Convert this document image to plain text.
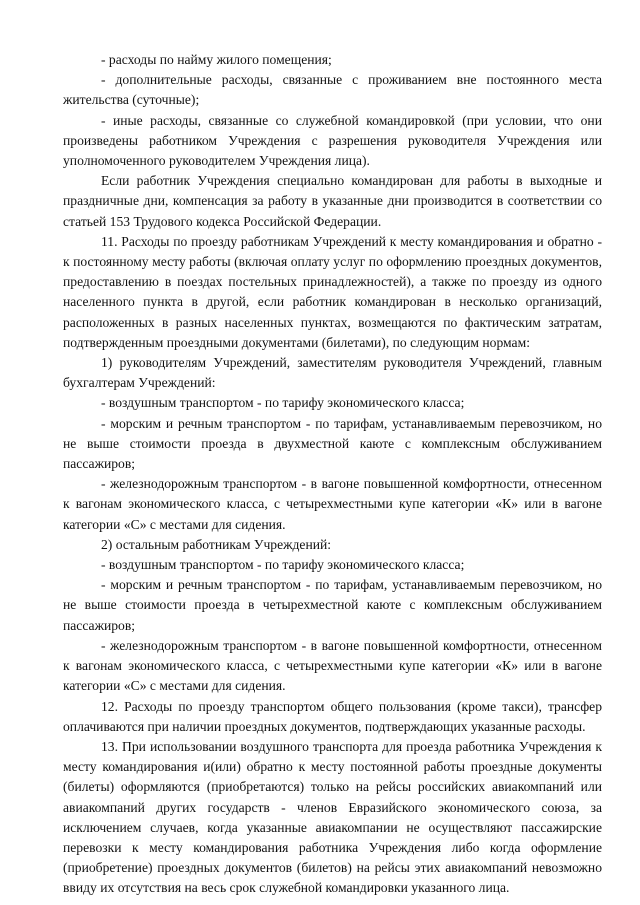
- расходы по найму жилого помещения;

- дополнительные расходы, связанные с проживанием вне постоянного места жительства (суточные);

- иные расходы, связанные со служебной командировкой (при условии, что они произведены работником Учреждения с разрешения руководителя Учреждения или уполномоченного руководителем Учреждения лица).

Если работник Учреждения специально командирован для работы в выходные и праздничные дни, компенсация за работу в указанные дни производится в соответствии со статьей 153 Трудового кодекса Российской Федерации.

11. Расходы по проезду работникам Учреждений к месту командирования и обратно - к постоянному месту работы (включая оплату услуг по оформлению проездных документов, предоставлению в поездах постельных принадлежностей), а также по проезду из одного населенного пункта в другой, если работник командирован в несколько организаций, расположенных в разных населенных пунктах, возмещаются по фактическим затратам, подтвержденным проездными документами (билетами), по следующим нормам:

1) руководителям Учреждений, заместителям руководителя Учреждений, главным бухгалтерам Учреждений:

- воздушным транспортом - по тарифу экономического класса;

- морским и речным транспортом - по тарифам, устанавливаемым перевозчиком, но не выше стоимости проезда в двухместной каюте с комплексным обслуживанием пассажиров;

- железнодорожным транспортом - в вагоне повышенной комфортности, отнесенном к вагонам экономического класса, с четырехместными купе категории «К» или в вагоне категории «С» с местами для сидения.

2) остальным работникам Учреждений:

- воздушным транспортом - по тарифу экономического класса;

- морским и речным транспортом - по тарифам, устанавливаемым перевозчиком, но не выше стоимости проезда в четырехместной каюте с комплексным обслуживанием пассажиров;

- железнодорожным транспортом - в вагоне повышенной комфортности, отнесенном к вагонам экономического класса, с четырехместными купе категории «К» или в вагоне категории «С» с местами для сидения.

12. Расходы по проезду транспортом общего пользования (кроме такси), трансфер оплачиваются при наличии проездных документов, подтверждающих указанные расходы.

13. При использовании воздушного транспорта для проезда работника Учреждения к месту командирования и(или) обратно к месту постоянной работы проездные документы (билеты) оформляются (приобретаются) только на рейсы российских авиакомпаний или авиакомпаний других государств - членов Евразийского экономического союза, за исключением случаев, когда указанные авиакомпании не осуществляют пассажирские перевозки к месту командирования работника Учреждения либо когда оформление (приобретение) проездных документов (билетов) на рейсы этих авиакомпаний невозможно ввиду их отсутствия на весь срок служебной командировки указанного лица.
